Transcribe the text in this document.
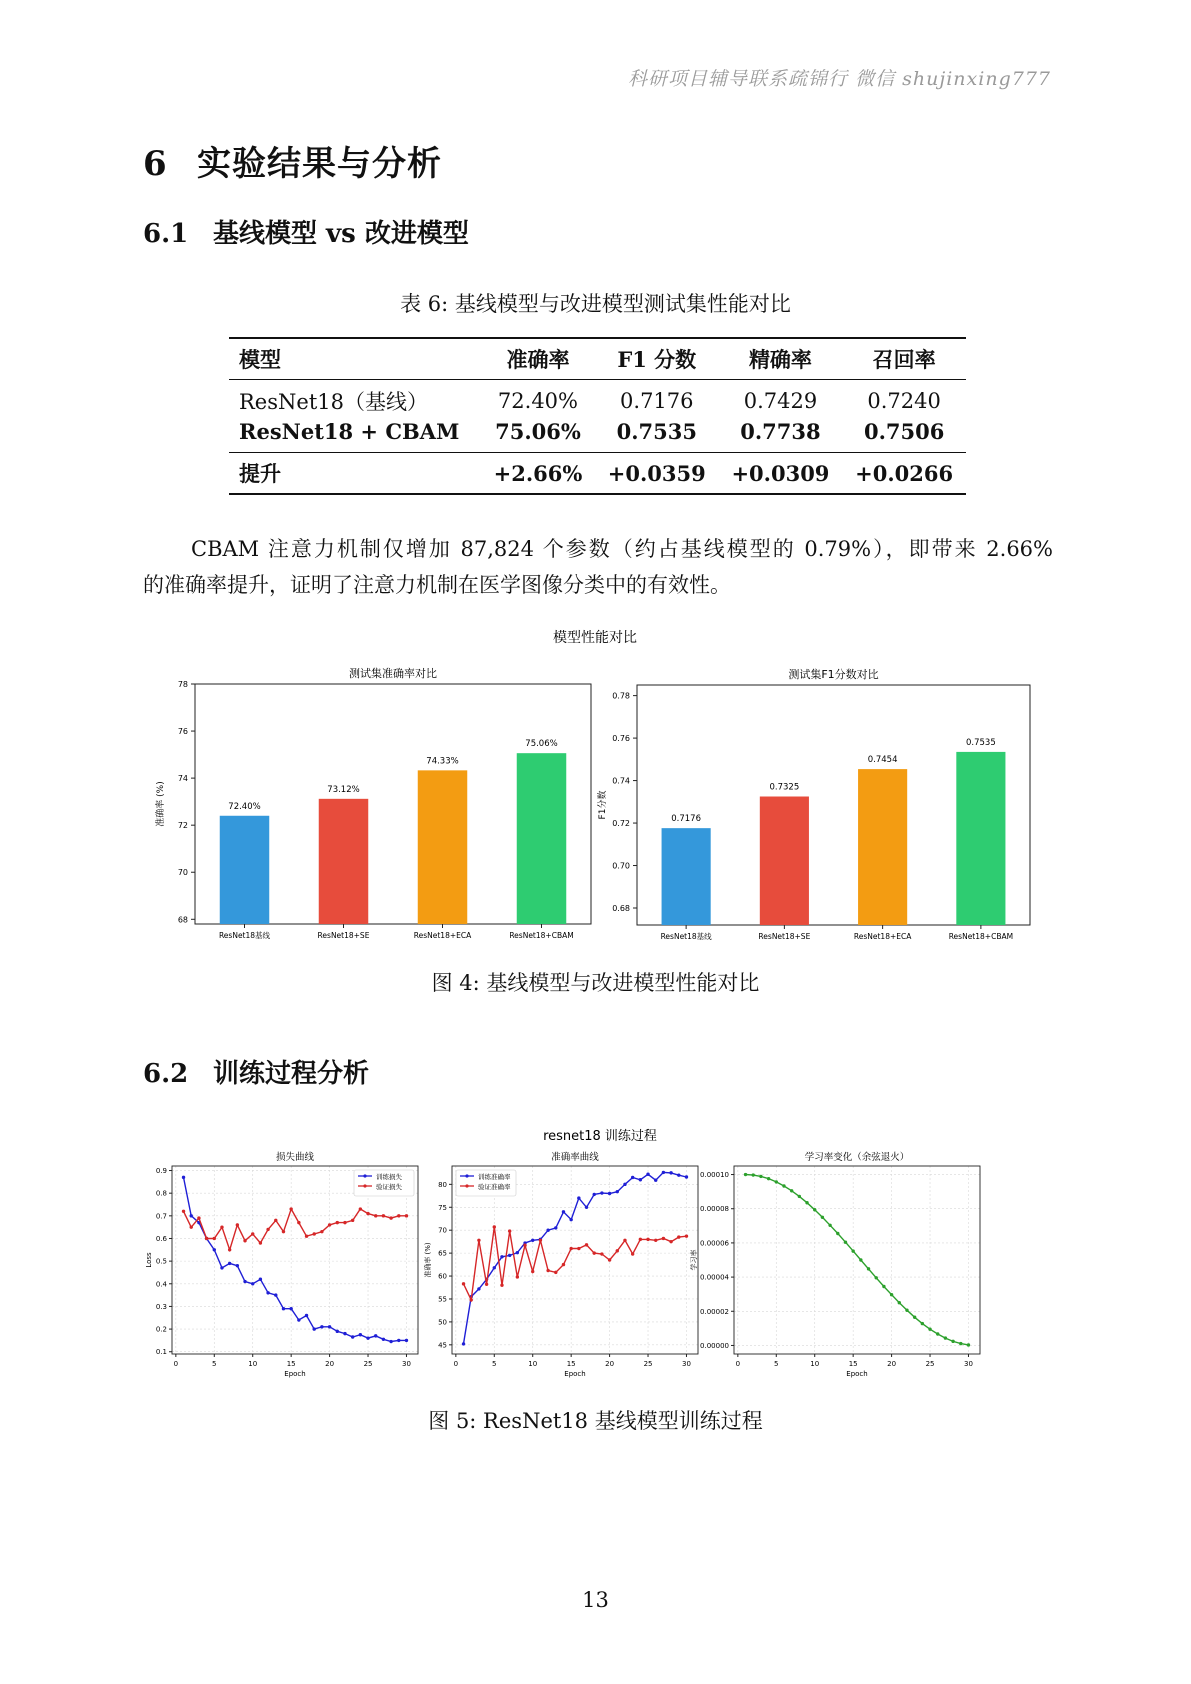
科研项目辅导联系疏锦行 微信 shujinxing777
6 实验结果与分析
6.1 基线模型 vs 改进模型
表 6: 基线模型与改进模型测试集性能对比
模型	准确率	F1 分数	精确率	召回率
ResNet18（基线）	72.40%	0.7176	0.7429	0.7240
ResNet18 + CBAM	75.06%	0.7535	0.7738	0.7506
提升	+2.66%	+0.0359	+0.0309	+0.0266
CBAM 注意力机制仅增加 87,824 个参数（约占基线模型的 0.79%），即带来 2.66%
的准确率提升，证明了注意力机制在医学图像分类中的有效性。
模型性能对比
测试集准确率对比
68
70
72
74
76
78
准确率 (%)	72.40%
ResNet18基线
73.12%
ResNet18+SE
74.33%
ResNet18+ECA
75.06%
ResNet18+CBAM
测试集F1分数对比
0.68
0.70
0.72
0.74
0.76
0.78
F1分数	0.7176
ResNet18基线
0.7325
ResNet18+SE
0.7454
ResNet18+ECA
0.7535
ResNet18+CBAM
图 4: 基线模型与改进模型性能对比
6.2 训练过程分析
resnet18 训练过程
损失曲线
0	5	10	15	20	25	30
0.1
0.2
0.3
0.4
0.5
0.6
0.7
0.8
0.9
Epoch
Loss
训练损失
验证损失
准确率曲线
0	5	10	15	20	25	30
45
50
55
60
65
70
75
80
Epoch
准确率 (%)
训练准确率
验证准确率
学习率变化（余弦退火）
0	5	10	15	20	25	30
0.00000
0.00002
0.00004
0.00006
0.00008
0.00010
Epoch
学习率
图 5: ResNet18 基线模型训练过程
13
